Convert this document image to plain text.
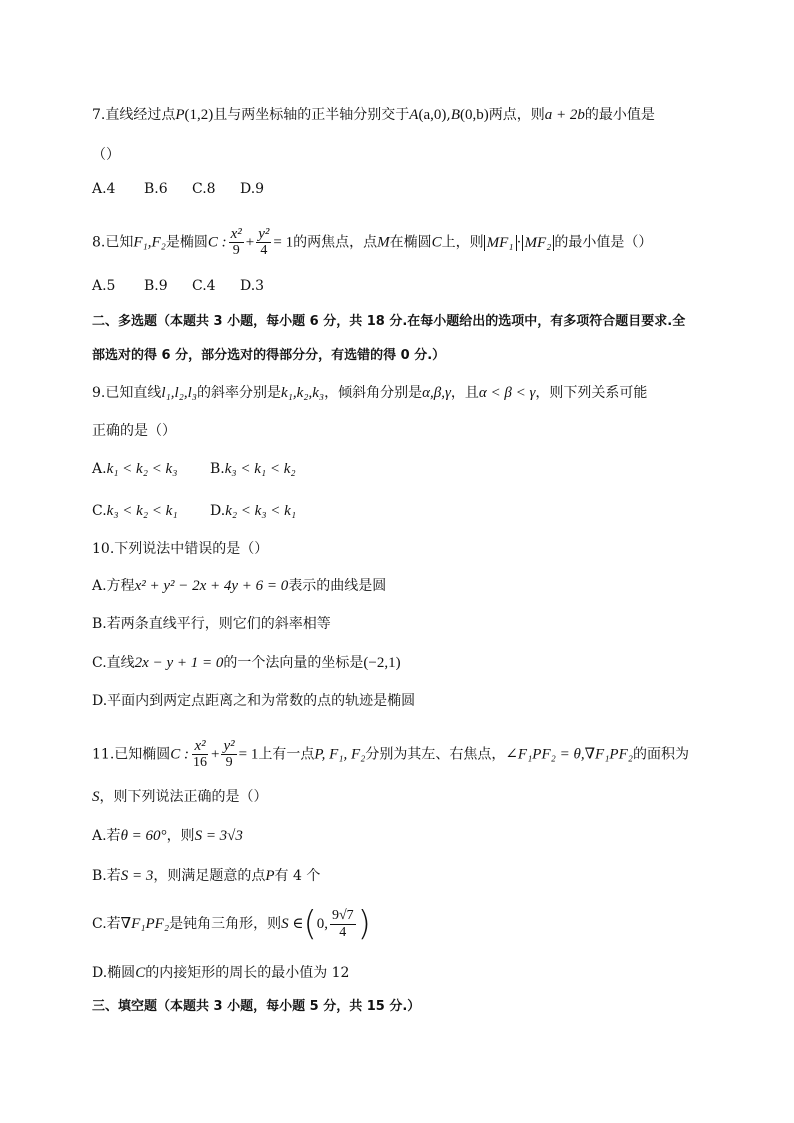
7.直线经过点P(1,2)且与两坐标轴的正半轴分别交于A(a,0),B(0,b)两点，则a + 2b的最小值是
（）
A.4 B.6 C.8 D.9
8.已知F₁,F₂是椭圆C : $\frac{\text{x²}}{9} + \frac{\text{y²}}{4} = 1$的两焦点，点M在椭圆C上，则 MF₁ · MF₂ 的最小值是（）
A.5 B.9 C.4 D.3
二、多选题（本题共 3 小题，每小题 6 分，共 18 分.在每小题给出的选项中，有多项符合题目要求.全
部选对的得 6 分，部分选对的得部分分，有选错的得 0 分.）
9.已知直线l₁,l₂,l₃的斜率分别是k₁,k₂,k₃，倾斜角分别是α,β,γ，且α < β < γ，则下列关系可能
正确的是（）
A.k₁ < k₂ < k₃ B.k₃ < k₁ < k₂
C.k₃ < k₂ < k₁ D.k₂ < k₃ < k₁
10.下列说法中错误的是（）
A.方程x² + y² − 2x + 4y + 6 = 0表示的曲线是圆
B.若两条直线平行，则它们的斜率相等
C.直线2x − y + 1 = 0的一个法向量的坐标是(−2,1)
D.平面内到两定点距离之和为常数的点的轨迹是椭圆
11.已知椭圆C : $\frac{\text{x²}}{16} + \frac{\text{y²}}{9} = 1$上有一点P, F₁, F₂分别为其左、右焦点，∠F₁PF₂ = θ,∇F₁PF₂的面积为
S，则下列说法正确的是（）
A.若θ = 60°，则S = 3√3
B.若S = 3，则满足题意的点P有 4 个
C.若∇F₁PF₂是钝角三角形，则S ∈(0, $\frac{9√7}{4}$ )
D.椭圆C的内接矩形的周长的最小值为 12
三、填空题（本题共 3 小题，每小题 5 分，共 15 分.）
